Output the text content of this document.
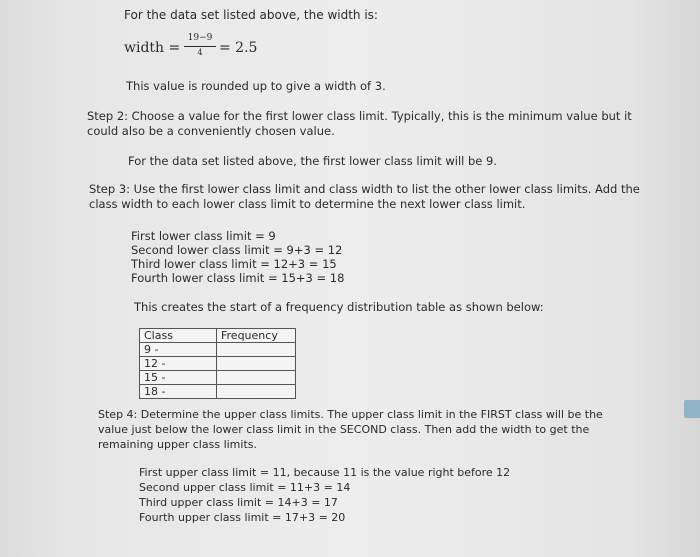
For the data set listed above, the width is:
width =
19−9
4	= 2.5
This value is rounded up to give a width of 3.
Step 2: Choose a value for the first lower class limit. Typically, this is the minimum value but it
could also be a conveniently chosen value.
For the data set listed above, the first lower class limit will be 9.
Step 3: Use the first lower class limit and class width to list the other lower class limits. Add the
class width to each lower class limit to determine the next lower class limit.
First lower class limit = 9
Second lower class limit = 9+3 = 12
Third lower class limit = 12+3 = 15
Fourth lower class limit = 15+3 = 18
This creates the start of a frequency distribution table as shown below:
Class	Frequency
9 -	
12 -	
15 -	
18 -	
Step 4: Determine the upper class limits. The upper class limit in the FIRST class will be the
value just below the lower class limit in the SECOND class. Then add the width to get the
remaining upper class limits.
First upper class limit = 11, because 11 is the value right before 12
Second upper class limit = 11+3 = 14
Third upper class limit = 14+3 = 17
Fourth upper class limit = 17+3 = 20
